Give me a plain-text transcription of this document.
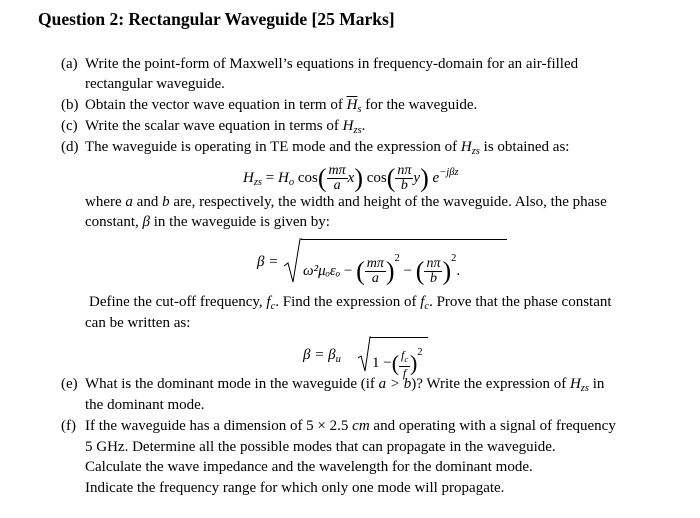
Question 2: Rectangular Waveguide [25 Marks]
(a) Write the point-form of Maxwell’s equations in frequency-domain for an air-filled
rectangular waveguide.
(b) Obtain the vector wave equation in term of $\overline{H}_s$ for the waveguide.
(c) Write the scalar wave equation in terms of $H_{zs}$.
(d) The waveguide is operating in TE mode and the expression of $H_{zs}$ is obtained as:
$H_{zs} = H_o$ $\cos( \frac{m\pi}{a} x)$ $\cos( \frac{n\pi}{b} y)$ $e^{-j\beta z}$
where a and b are, respectively, the width and height of the waveguide. Also, the phase
constant, β in the waveguide is given by:
β =
ω²μₒεₒ − ( $\frac{m\pi}{a} )^2$ − ( $\frac{n\pi}{b} )^2$.
Define the cut-off frequency, $f_c$. Find the expression of $f_c$. Prove that the phase constant
can be written as:
$\beta = \beta_u$ 1 −( $\frac{f_c}{f} )^2$
(e) What is the dominant mode in the waveguide (if a > b)? Write the expression of $H_{zs}$ in
the dominant mode.
(f) If the waveguide has a dimension of 5 × 2.5 cm and operating with a signal of frequency
5 GHz. Determine all the possible modes that can propagate in the waveguide.
Calculate the wave impedance and the wavelength for the dominant mode.
Indicate the frequency range for which only one mode will propagate.
